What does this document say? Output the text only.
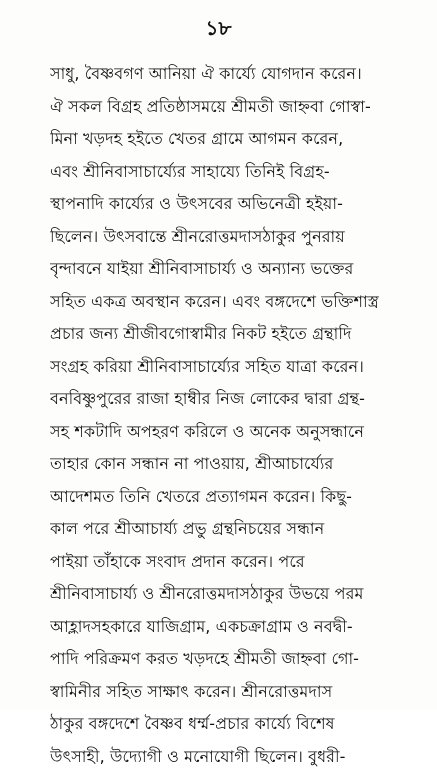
১৮
সাধু, বৈষ্ণবগণ আনিয়া ঐ কার্য্যে যোগদান করেন।
ঐ সকল বিগ্রহ প্রতিষ্ঠাসময়ে শ্রীমতী জাহ্নবা গোস্বা-
মিনা খড়দহ হইতে খেতর গ্রামে আগমন করেন,
এবং শ্রীনিবাসাচার্য্যের সাহায্যে তিনিই বিগ্রহ-
স্থাপনাদি কার্য্যের ও উৎসবের অভিনেত্রী হইয়া-
ছিলেন। উৎসবান্তে শ্রীনরোত্তমদাসঠাকুর পুনরায়
বৃন্দাবনে যাইয়া শ্রীনিবাসাচার্য্য ও অন্যান্য ভক্তের
সহিত একত্র অবস্থান করেন। এবং বঙ্গদেশে ভক্তিশাস্ত্র
প্রচার জন্য শ্রীজীবগোস্বামীর নিকট হইতে গ্রন্থাদি
সংগ্রহ করিয়া শ্রীনিবাসাচার্য্যের সহিত যাত্রা করেন।
বনবিষ্ণুপুরের রাজা হাম্বীর নিজ লোকের দ্বারা গ্রন্থ-
সহ শকটাদি অপহরণ করিলে ও অনেক অনুসন্ধানে
তাহার কোন সন্ধান না পাওয়ায়, শ্রীআচার্য্যের
আদেশমত তিনি খেতরে প্রত্যাগমন করেন। কিছু-
কাল পরে শ্রীআচার্য্য প্রভু গ্রন্থনিচয়ের সন্ধান
পাইয়া তাঁহাকে সংবাদ প্রদান করেন। পরে
শ্রীনিবাসাচার্য্য ও শ্রীনরোত্তমদাসঠাকুর উভয়ে পরম
আহ্লাদসহকারে যাজিগ্রাম, একচক্রাগ্রাম ও নবদ্বী-
পাদি পরিক্রমণ করত খড়দহে শ্রীমতী জাহ্নবা গো-
স্বামিনীর সহিত সাক্ষাৎ করেন। শ্রীনরোত্তমদাস
ঠাকুর বঙ্গদেশে বৈষ্ণব ধর্ম্ম-প্রচার কার্য্যে বিশেষ
উৎসাহী, উদ্যোগী ও মনোযোগী ছিলেন। বুধরী-
